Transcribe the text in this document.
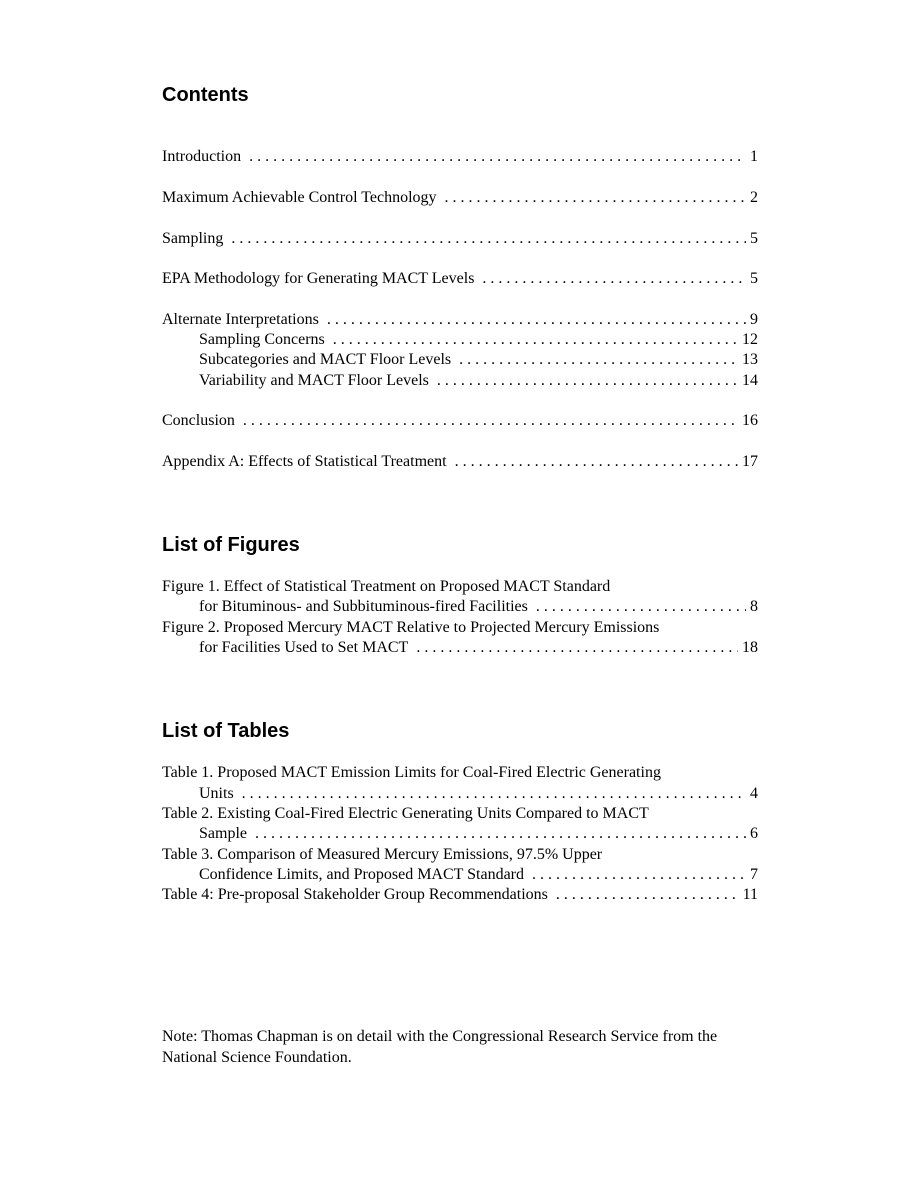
Contents
Introduction . . .	1
Maximum Achievable Control Technology . . .	2
Sampling . . .	5
EPA Methodology for Generating MACT Levels . . .	5
Alternate Interpretations . . .	9
Sampling Concerns . . .	12
Subcategories and MACT Floor Levels . . .	13
Variability and MACT Floor Levels . . .	14
Conclusion . . .	16
Appendix A: Effects of Statistical Treatment . . .	17
List of Figures
Figure 1. Effect of Statistical Treatment on Proposed MACT Standard
for Bituminous- and Subbituminous-fired Facilities . . .	8
Figure 2. Proposed Mercury MACT Relative to Projected Mercury Emissions
for Facilities Used to Set MACT . . .	18
List of Tables
Table 1. Proposed MACT Emission Limits for Coal-Fired Electric Generating
Units . . .	4
Table 2. Existing Coal-Fired Electric Generating Units Compared to MACT
Sample . . .	6
Table 3. Comparison of Measured Mercury Emissions, 97.5% Upper
Confidence Limits, and Proposed MACT Standard . . .	7
Table 4: Pre-proposal Stakeholder Group Recommendations . . .	11

Note: Thomas Chapman is on detail with the Congressional Research Service from the National Science Foundation.
